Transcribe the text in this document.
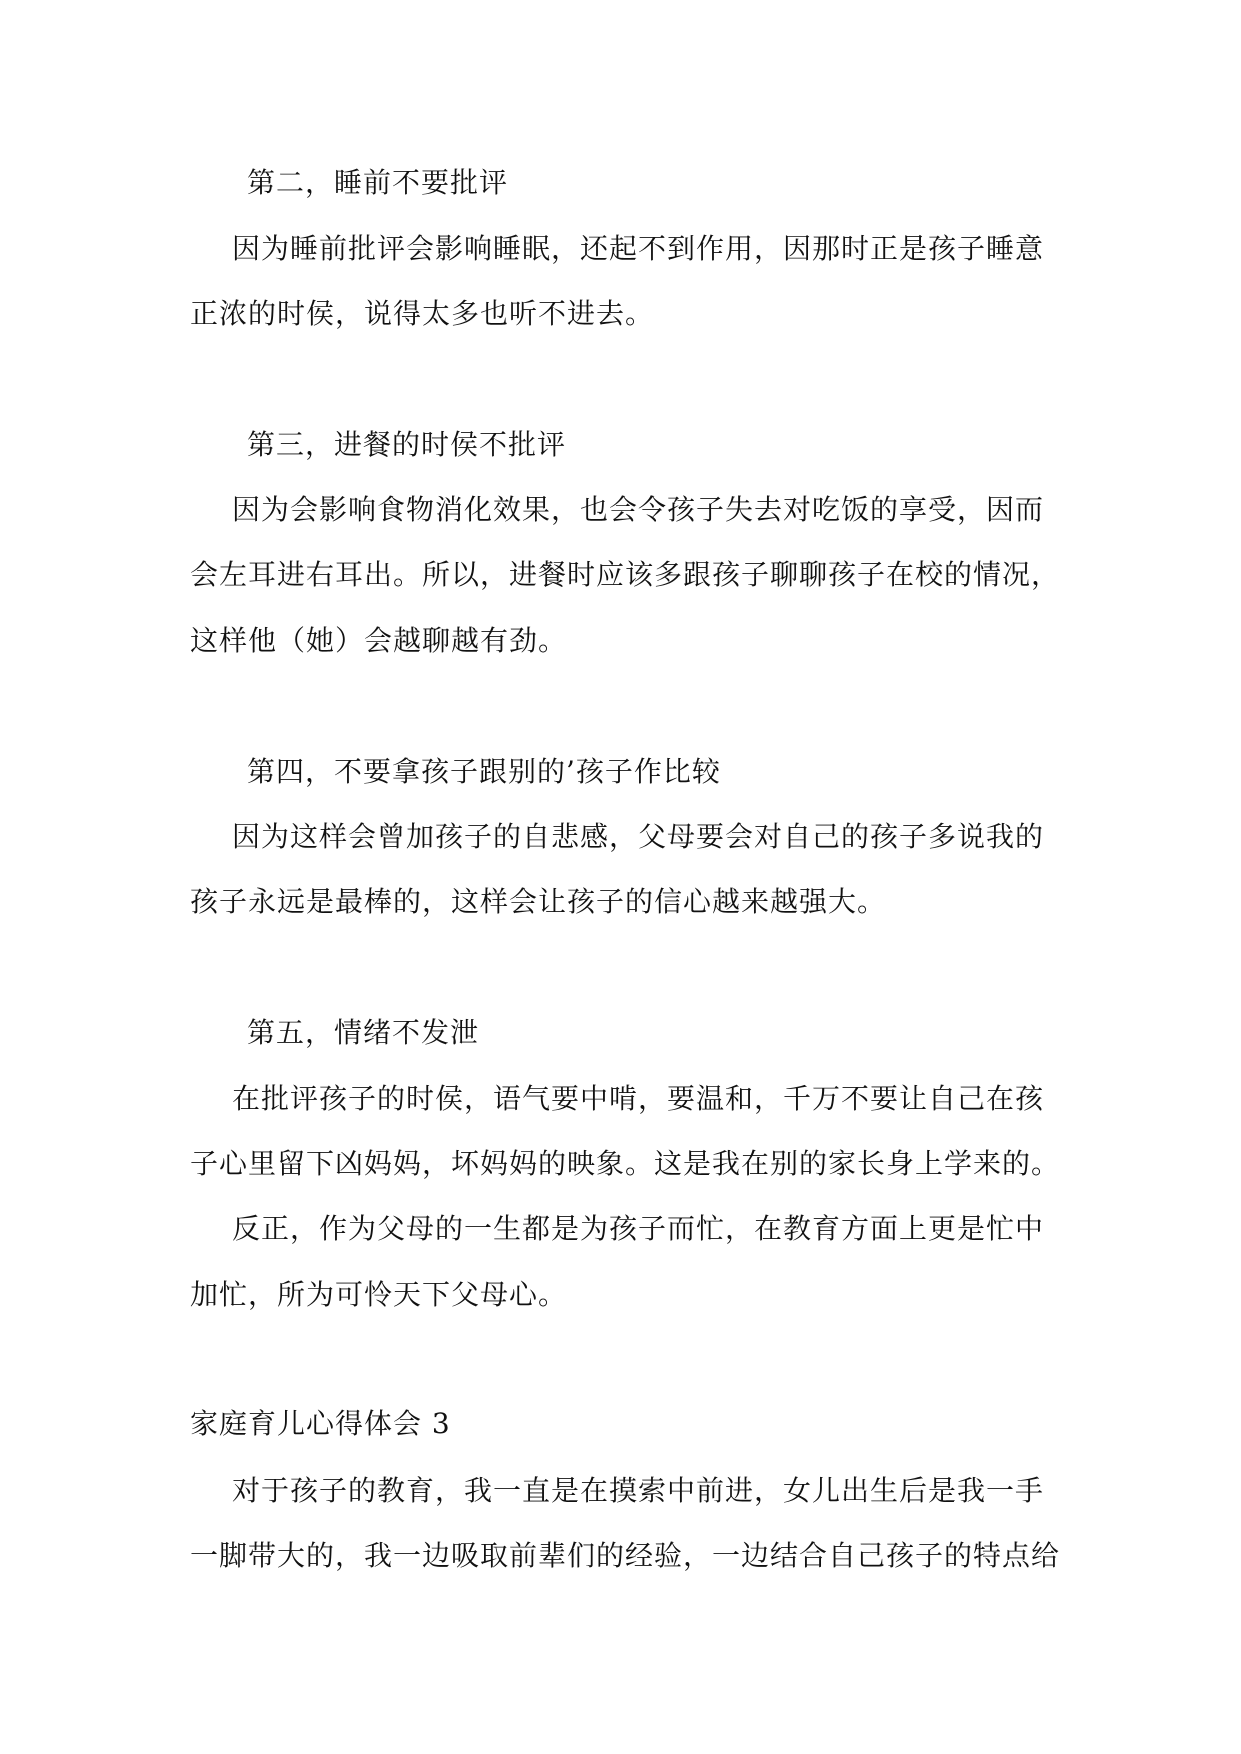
第二，睡前不要批评
因为睡前批评会影响睡眠，还起不到作用，因那时正是孩子睡意
正浓的时侯，说得太多也听不进去。
第三，进餐的时侯不批评
因为会影响食物消化效果，也会令孩子失去对吃饭的享受，因而
会左耳进右耳出。所以，进餐时应该多跟孩子聊聊孩子在校的情况，
这样他（她）会越聊越有劲。
第四，不要拿孩子跟别的’孩子作比较
因为这样会曾加孩子的自悲感，父母要会对自己的孩子多说我的
孩子永远是最棒的，这样会让孩子的信心越来越强大。
第五，情绪不发泄
在批评孩子的时侯，语气要中啃，要温和，千万不要让自己在孩
子心里留下凶妈妈，坏妈妈的映象。这是我在别的家长身上学来的。
反正，作为父母的一生都是为孩子而忙，在教育方面上更是忙中
加忙，所为可怜天下父母心。
家庭育儿心得体会 3
对于孩子的教育，我一直是在摸索中前进，女儿出生后是我一手
一脚带大的，我一边吸取前辈们的经验，一边结合自己孩子的特点给
